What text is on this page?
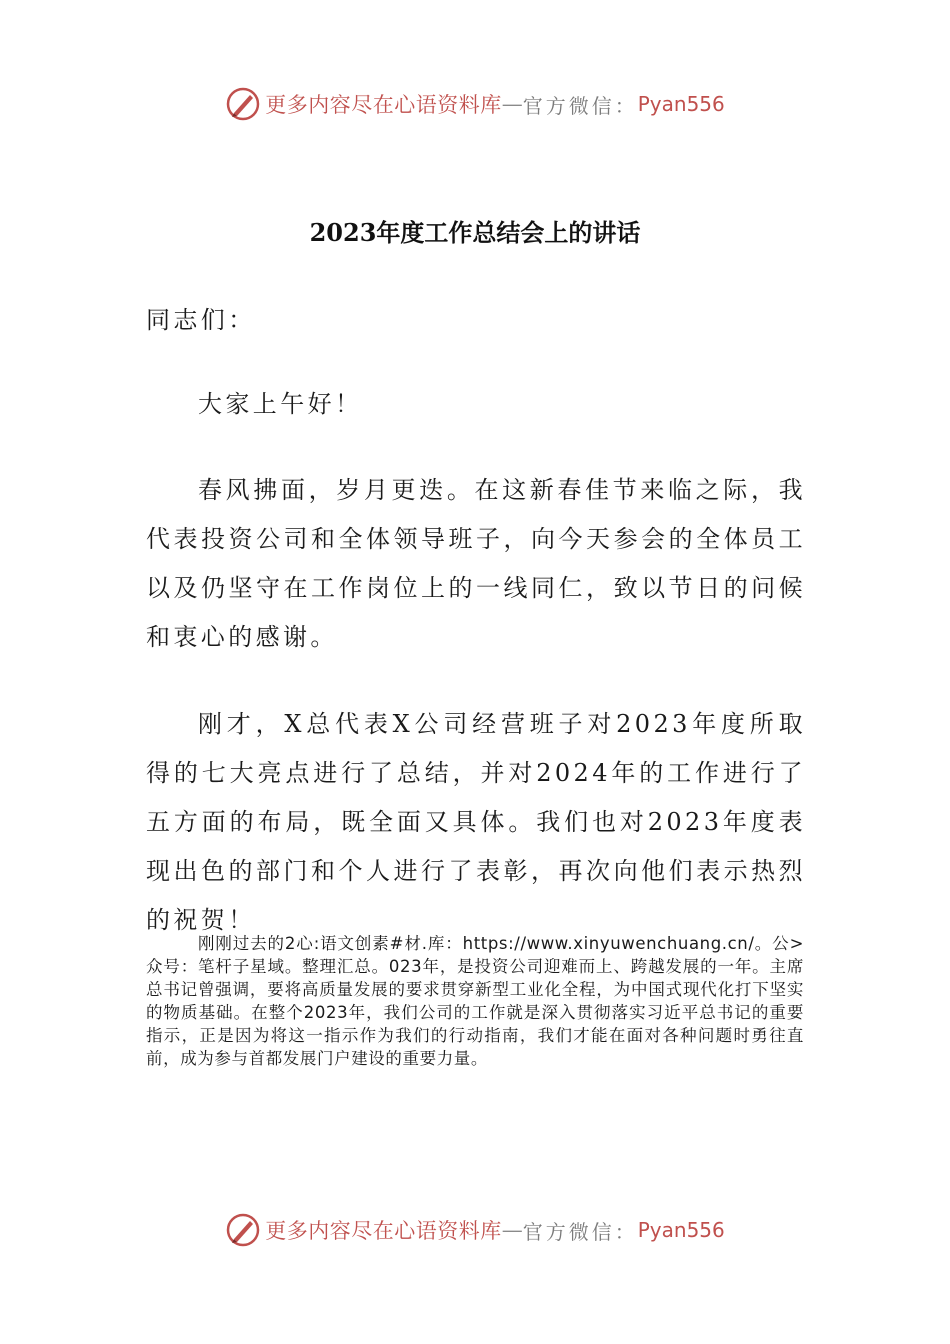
更多内容尽在心语资料库 — 官方微信： Pyan556
2023年度工作总结会上的讲话

同志们：

大家上午好！

春风拂面，岁月更迭。在这新春佳节来临之际，我代表投资公司和全体领导班子，向今天参会的全体员工以及仍坚守在工作岗位上的一线同仁，致以节日的问候和衷心的感谢。

刚才，X总代表X公司经营班子对2023年度所取得的七大亮点进行了总结，并对2024年的工作进行了五方面的布局，既全面又具体。我们也对2023年度表现出色的部门和个人进行了表彰，再次向他们表示热烈的祝贺！

刚刚过去的2心:语文创素#材.库：https://www.xinyuwenchuang.cn/。公>众号：笔杆子星域。整理汇总。023年，是投资公司迎难而上、跨越发展的一年。主席总书记曾强调，要将高质量发展的要求贯穿新型工业化全程，为中国式现代化打下坚实的物质基础。在整个2023年，我们公司的工作就是深入贯彻落实习近平总书记的重要指示，正是因为将这一指示作为我们的行动指南，我们才能在面对各种问题时勇往直前，成为参与首都发展门户建设的重要力量。

更多内容尽在心语资料库 — 官方微信： Pyan556
